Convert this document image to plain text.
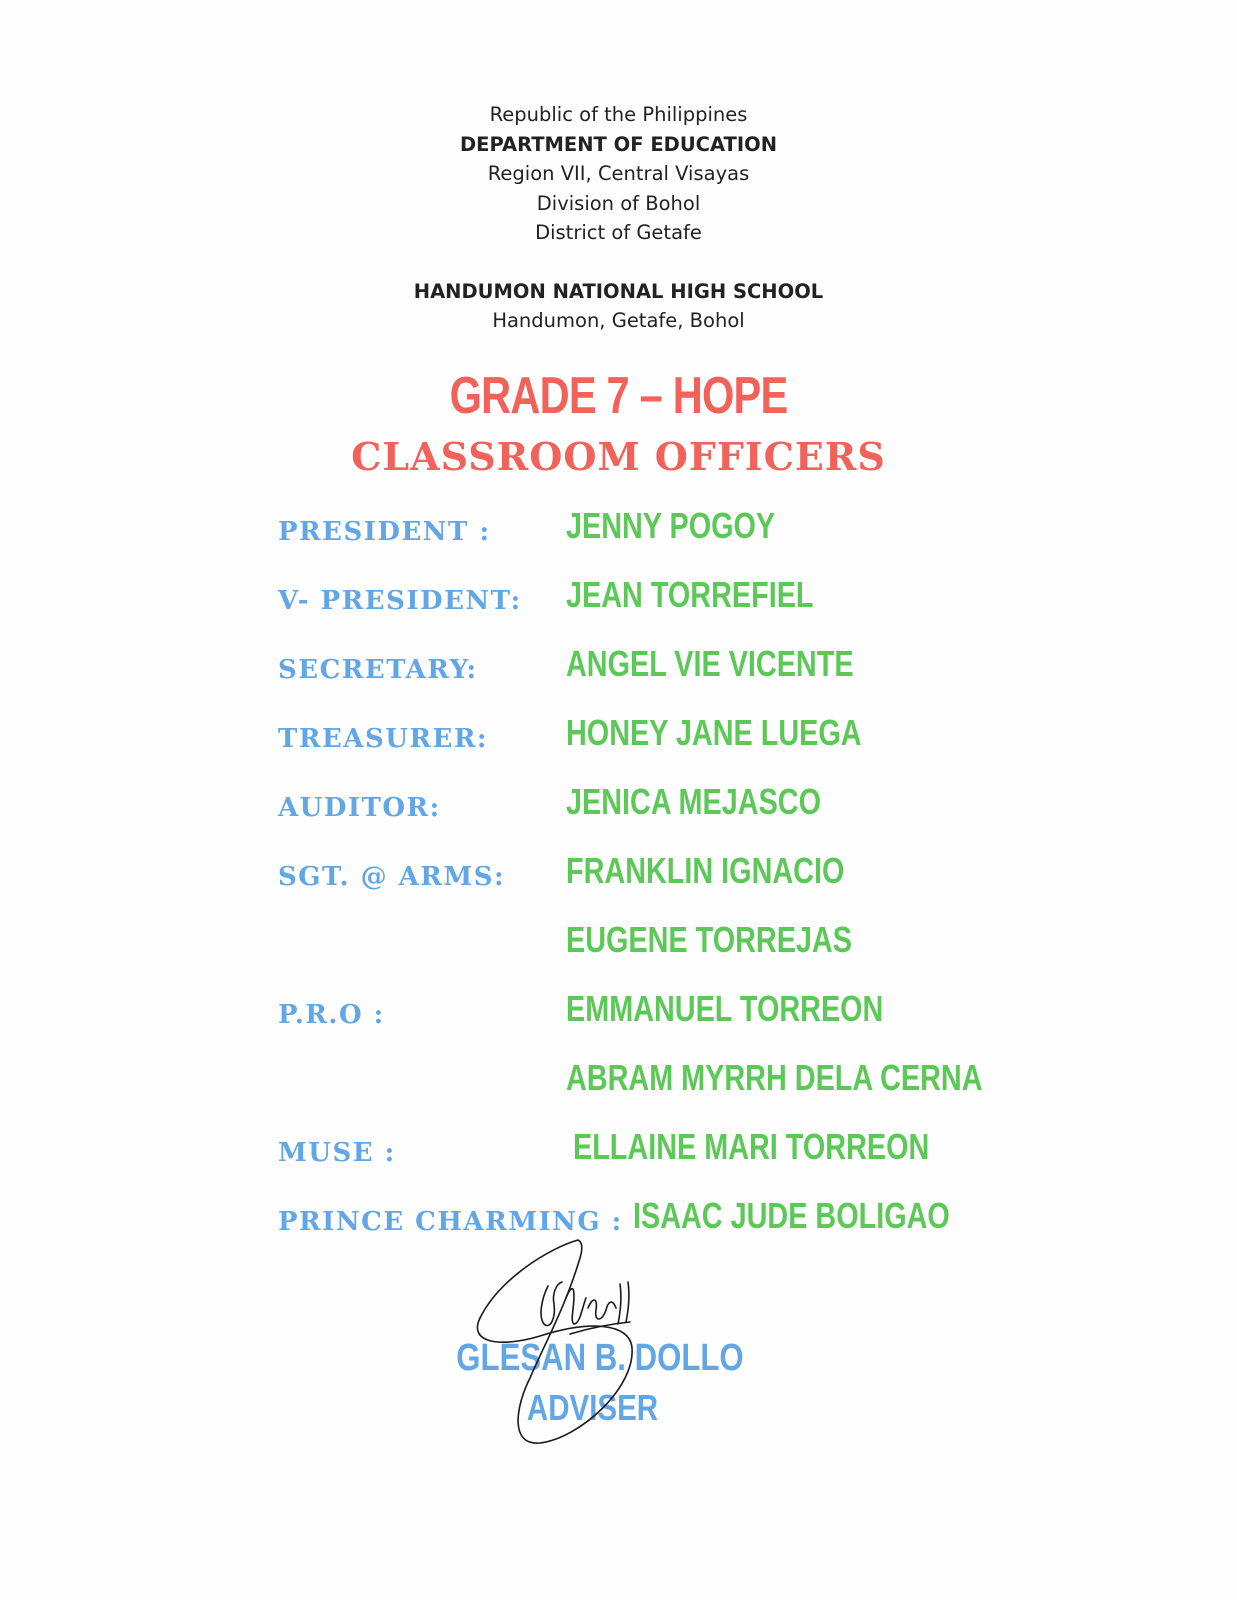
Republic of the Philippines
DEPARTMENT OF EDUCATION
Region VII, Central Visayas
Division of Bohol
District of Getafe
HANDUMON NATIONAL HIGH SCHOOL
Handumon, Getafe, Bohol
GRADE 7 – HOPE
CLASSROOM OFFICERS
PRESIDENT : JENNY POGOY
V- PRESIDENT: JEAN TORREFIEL
SECRETARY: ANGEL VIE VICENTE
TREASURER: HONEY JANE LUEGA
AUDITOR:	JENICA MEJASCO
SGT. @ ARMS: FRANKLIN IGNACIO
EUGENE TORREJAS
P.R.O :	EMMANUEL TORREON
ABRAM MYRRH DELA CERNA
MUSE :	ELLAINE MARI TORREON
PRINCE CHARMING : ISAAC JUDE BOLIGAO
GLESAN B. DOLLO
ADVISER
